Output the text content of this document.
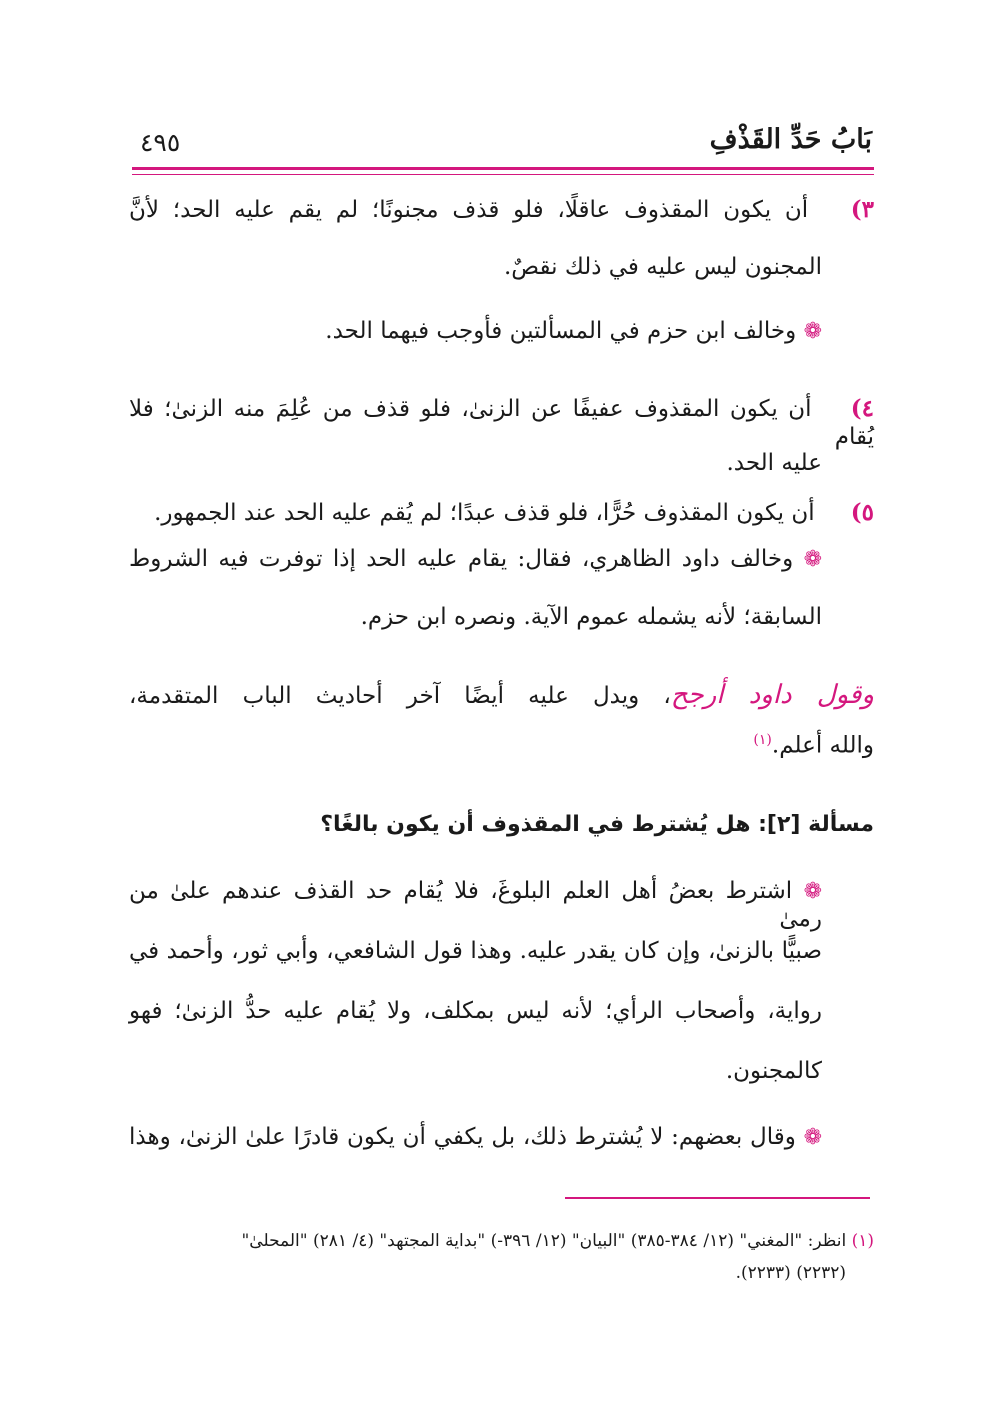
بَابُ حَدِّ القَذْفِ
٤٩٥
٣) أن يكون المقذوف عاقلًا، فلو قذف مجنونًا؛ لم يقم عليه الحد؛ لأنَّ
المجنون ليس عليه في ذلك نقصٌ.
❁ وخالف ابن حزم في المسألتين فأوجب فيهما الحد.
٤) أن يكون المقذوف عفيفًا عن الزنىٰ، فلو قذف من عُلِمَ منه الزنىٰ؛ فلا يُقام
عليه الحد.
٥) أن يكون المقذوف حُرًّا، فلو قذف عبدًا؛ لم يُقم عليه الحد عند الجمهور.
❁ وخالف داود الظاهري، فقال: يقام عليه الحد إذا توفرت فيه الشروط
السابقة؛ لأنه يشمله عموم الآية. ونصره ابن حزم.
وقول داود أرجح، ويدل عليه أيضًا آخر أحاديث الباب المتقدمة،
والله أعلم.$^{(١)}$
مسألة [٢]: هل يُشترط في المقذوف أن يكون بالغًا؟
❁ اشترط بعضُ أهل العلم البلوغَ، فلا يُقام حد القذف عندهم علىٰ من رمىٰ
صبيًّا بالزنىٰ، وإن كان يقدر عليه. وهذا قول الشافعي، وأبي ثور، وأحمد في
رواية، وأصحاب الرأي؛ لأنه ليس بمكلف، ولا يُقام عليه حدُّ الزنىٰ؛ فهو
كالمجنون.
❁ وقال بعضهم: لا يُشترط ذلك، بل يكفي أن يكون قادرًا علىٰ الزنىٰ، وهذا
(١) انظر: "المغني" (١٢/ ٣٨٤-٣٨٥) "البيان" (١٢/ ٣٩٦-) "بداية المجتهد" (٤/ ٢٨١) "المحلىٰ"
(٢٢٣٢) (٢٢٣٣).
